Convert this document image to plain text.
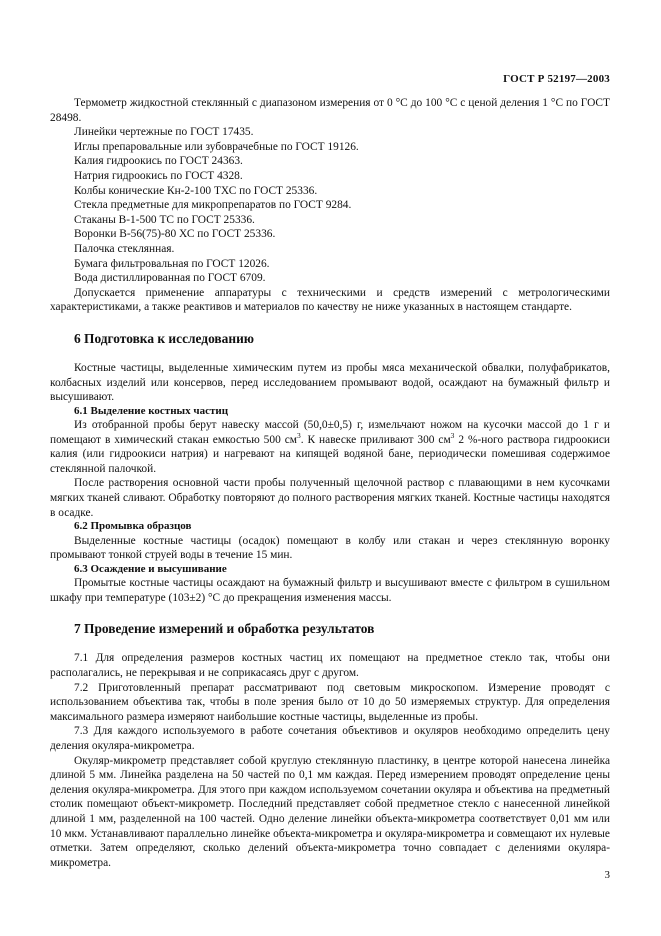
ГОСТ Р 52197—2003

Термометр жидкостной стеклянный с диапазоном измерения от 0 °С до 100 °С с ценой деления 1 °С по ГОСТ 28498.

Линейки чертежные по ГОСТ 17435.

Иглы препаровальные или зубоврачебные по ГОСТ 19126.

Калия гидроокись по ГОСТ 24363.

Натрия гидроокись по ГОСТ 4328.

Колбы конические Кн-2-100 ТХС по ГОСТ 25336.

Стекла предметные для микропрепаратов по ГОСТ 9284.

Стаканы В-1-500 ТС по ГОСТ 25336.

Воронки В-56(75)-80 ХС по ГОСТ 25336.

Палочка стеклянная.

Бумага фильтровальная по ГОСТ 12026.

Вода дистиллированная по ГОСТ 6709.

Допускается применение аппаратуры с техническими и средств измерений с метрологическими характеристиками, а также реактивов и материалов по качеству не ниже указанных в настоящем стандарте.

6 Подготовка к исследованию

Костные частицы, выделенные химическим путем из пробы мяса механической обвалки, полуфабрикатов, колбасных изделий или консервов, перед исследованием промывают водой, осаждают на бумажный фильтр и высушивают.

6.1 Выделение костных частиц

Из отобранной пробы берут навеску массой (50,0±0,5) г, измельчают ножом на кусочки массой до 1 г и помещают в химический стакан емкостью 500 $см^3$. К навеске приливают 300 $см^3$ 2 %-ного раствора гидроокиси калия (или гидроокиси натрия) и нагревают на кипящей водяной бане, периодически помешивая содержимое стеклянной палочкой.

После растворения основной части пробы полученный щелочной раствор с плавающими в нем кусочками мягких тканей сливают. Обработку повторяют до полного растворения мягких тканей. Костные частицы находятся в осадке.

6.2 Промывка образцов

Выделенные костные частицы (осадок) помещают в колбу или стакан и через стеклянную воронку промывают тонкой струей воды в течение 15 мин.

6.3 Осаждение и высушивание

Промытые костные частицы осаждают на бумажный фильтр и высушивают вместе с фильтром в сушильном шкафу при температуре (103±2) °С до прекращения изменения массы.

7 Проведение измерений и обработка результатов

7.1 Для определения размеров костных частиц их помещают на предметное стекло так, чтобы они располагались, не перекрывая и не соприкасаясь друг с другом.

7.2 Приготовленный препарат рассматривают под световым микроскопом. Измерение проводят с использованием объектива так, чтобы в поле зрения было от 10 до 50 измеряемых структур. Для определения максимального размера измеряют наибольшие костные частицы, выделенные из пробы.

7.3 Для каждого используемого в работе сочетания объективов и окуляров необходимо определить цену деления окуляра-микрометра.

Окуляр-микрометр представляет собой круглую стеклянную пластинку, в центре которой нанесена линейка длиной 5 мм. Линейка разделена на 50 частей по 0,1 мм каждая. Перед измерением проводят определение цены деления окуляра-микрометра. Для этого при каждом используемом сочетании окуляра и объектива на предметный столик помещают объект-микрометр. Последний представляет собой предметное стекло с нанесенной линейкой длиной 1 мм, разделенной на 100 частей. Одно деление линейки объекта-микрометра соответствует 0,01 мм или 10 мкм. Устанавливают параллельно линейке объекта-микрометра и окуляра-микрометра и совмещают их нулевые отметки. Затем определяют, сколько делений объекта-микрометра точно совпадает с делениями окуляра-микрометра.

3
